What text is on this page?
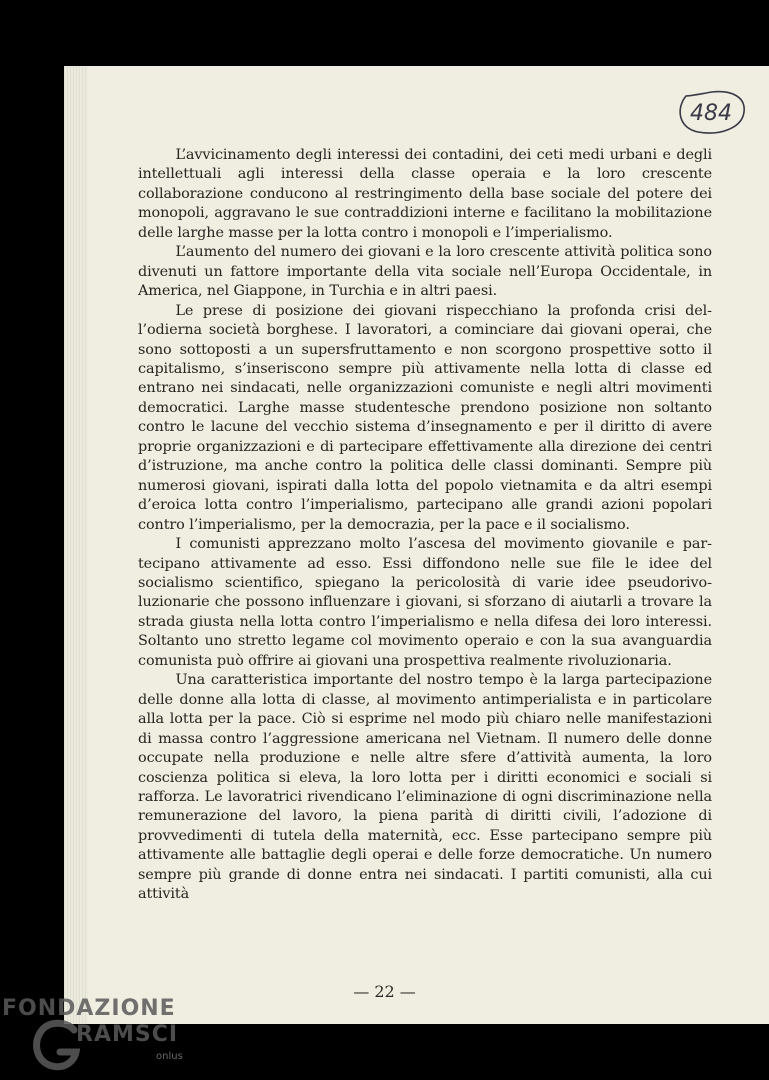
484

L’avvicinamento degli interessi dei contadini, dei ceti medi urbani e degli intellettuali agli interessi della classe operaia e la loro crescente collaborazione conducono al restringimento della base sociale del potere dei monopoli, aggravano le sue contraddizioni interne e facilitano la mobilitazione delle larghe masse per la lotta contro i monopoli e l’imperialismo.

L’aumento del numero dei giovani e la loro crescente attività politica sono divenuti un fattore importante della vita sociale nell’Europa Occidentale, in America, nel Giappone, in Turchia e in altri paesi.

Le prese di posizione dei giovani rispecchiano la profonda crisi dell’odierna società borghese. I lavoratori, a cominciare dai giovani operai, che sono sottoposti a un supersfruttamento e non scorgono prospettive sotto il capitalismo, s’inseriscono sempre più attivamente nella lotta di classe ed entrano nei sindacati, nelle organizzazioni comuniste e negli altri movimenti democratici. Larghe masse studentesche prendono posizione non soltanto contro le lacune del vecchio sistema d’insegnamento e per il diritto di avere proprie organizzazioni e di partecipare effettivamente alla direzione dei centri d’istruzione, ma anche contro la politica delle classi dominanti. Sempre più numerosi giovani, ispirati dalla lotta del popolo vietnamita e da altri esempi d’eroica lotta contro l’imperialismo, partecipano alle grandi azioni popolari contro l’imperialismo, per la democrazia, per la pace e il socialismo.

I comunisti apprezzano molto l’ascesa del movimento giovanile e partecipano attivamente ad esso. Essi diffondono nelle sue file le idee del socialismo scientifico, spiegano la pericolosità di varie idee pseudorivoluzionarie che possono influenzare i giovani, si sforzano di aiutarli a trovare la strada giusta nella lotta contro l’imperialismo e nella difesa dei loro interessi. Soltanto uno stretto legame col movimento operaio e con la sua avanguardia comunista può offrire ai giovani una prospettiva realmente rivoluzionaria.

Una caratteristica importante del nostro tempo è la larga partecipazione delle donne alla lotta di classe, al movimento antimperialista e in particolare alla lotta per la pace. Ciò si esprime nel modo più chiaro nelle manifestazioni di massa contro l’aggressione americana nel Vietnam. Il numero delle donne occupate nella produzione e nelle altre sfere d’attività aumenta, la loro coscienza politica si eleva, la loro lotta per i diritti economici e sociali si rafforza. Le lavoratrici rivendicano l’eliminazione di ogni discriminazione nella remunerazione del lavoro, la piena parità di diritti civili, l’adozione di provvedimenti di tutela della maternità, ecc. Esse partecipano sempre più attivamente alle battaglie degli operai e delle forze democratiche. Un numero sempre più grande di donne entra nei sindacati. I partiti comunisti, alla cui attività

— 22 —
FONDAZIONE
RAMSCI
onlus
